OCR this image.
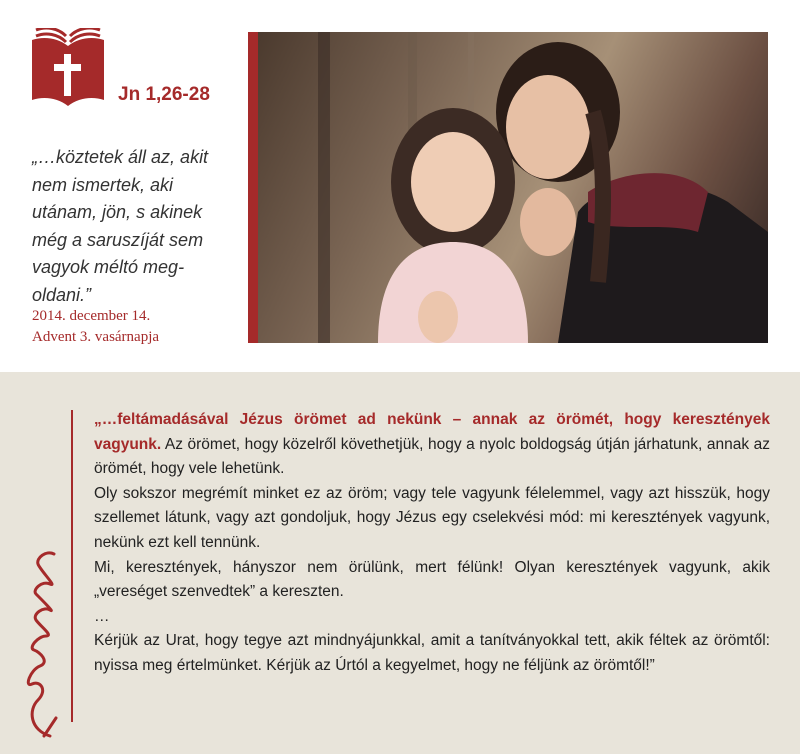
Jn 1,26-28
„…köztetek áll az, akit nem ismertek, aki utánam, jön, s akinek még a saruszíját sem vagyok méltó meg-oldani.”
2014. december 14.
Advent 3. vasárnapja

„…feltámadásával Jézus örömet ad nekünk – annak az örömét, hogy keresztények vagyunk. Az örömet, hogy közelről követhetjük, hogy a nyolc boldogság útján járhatunk, annak az örömét, hogy vele lehetünk.

Oly sokszor megrémít minket ez az öröm; vagy tele vagyunk félelemmel, vagy azt hisszük, hogy szellemet látunk, vagy azt gondoljuk, hogy Jézus egy cselekvési mód: mi keresztények vagyunk, nekünk ezt kell tennünk.

Mi, keresztények, hányszor nem örülünk, mert félünk! Olyan keresztények vagyunk, akik „vereséget szenvedtek” a kereszten.

…

Kérjük az Urat, hogy tegye azt mindnyájunkkal, amit a tanítványokkal tett, akik féltek az örömtől: nyissa meg értelmünket. Kérjük az Úrtól a kegyelmet, hogy ne féljünk az örömtől!”
